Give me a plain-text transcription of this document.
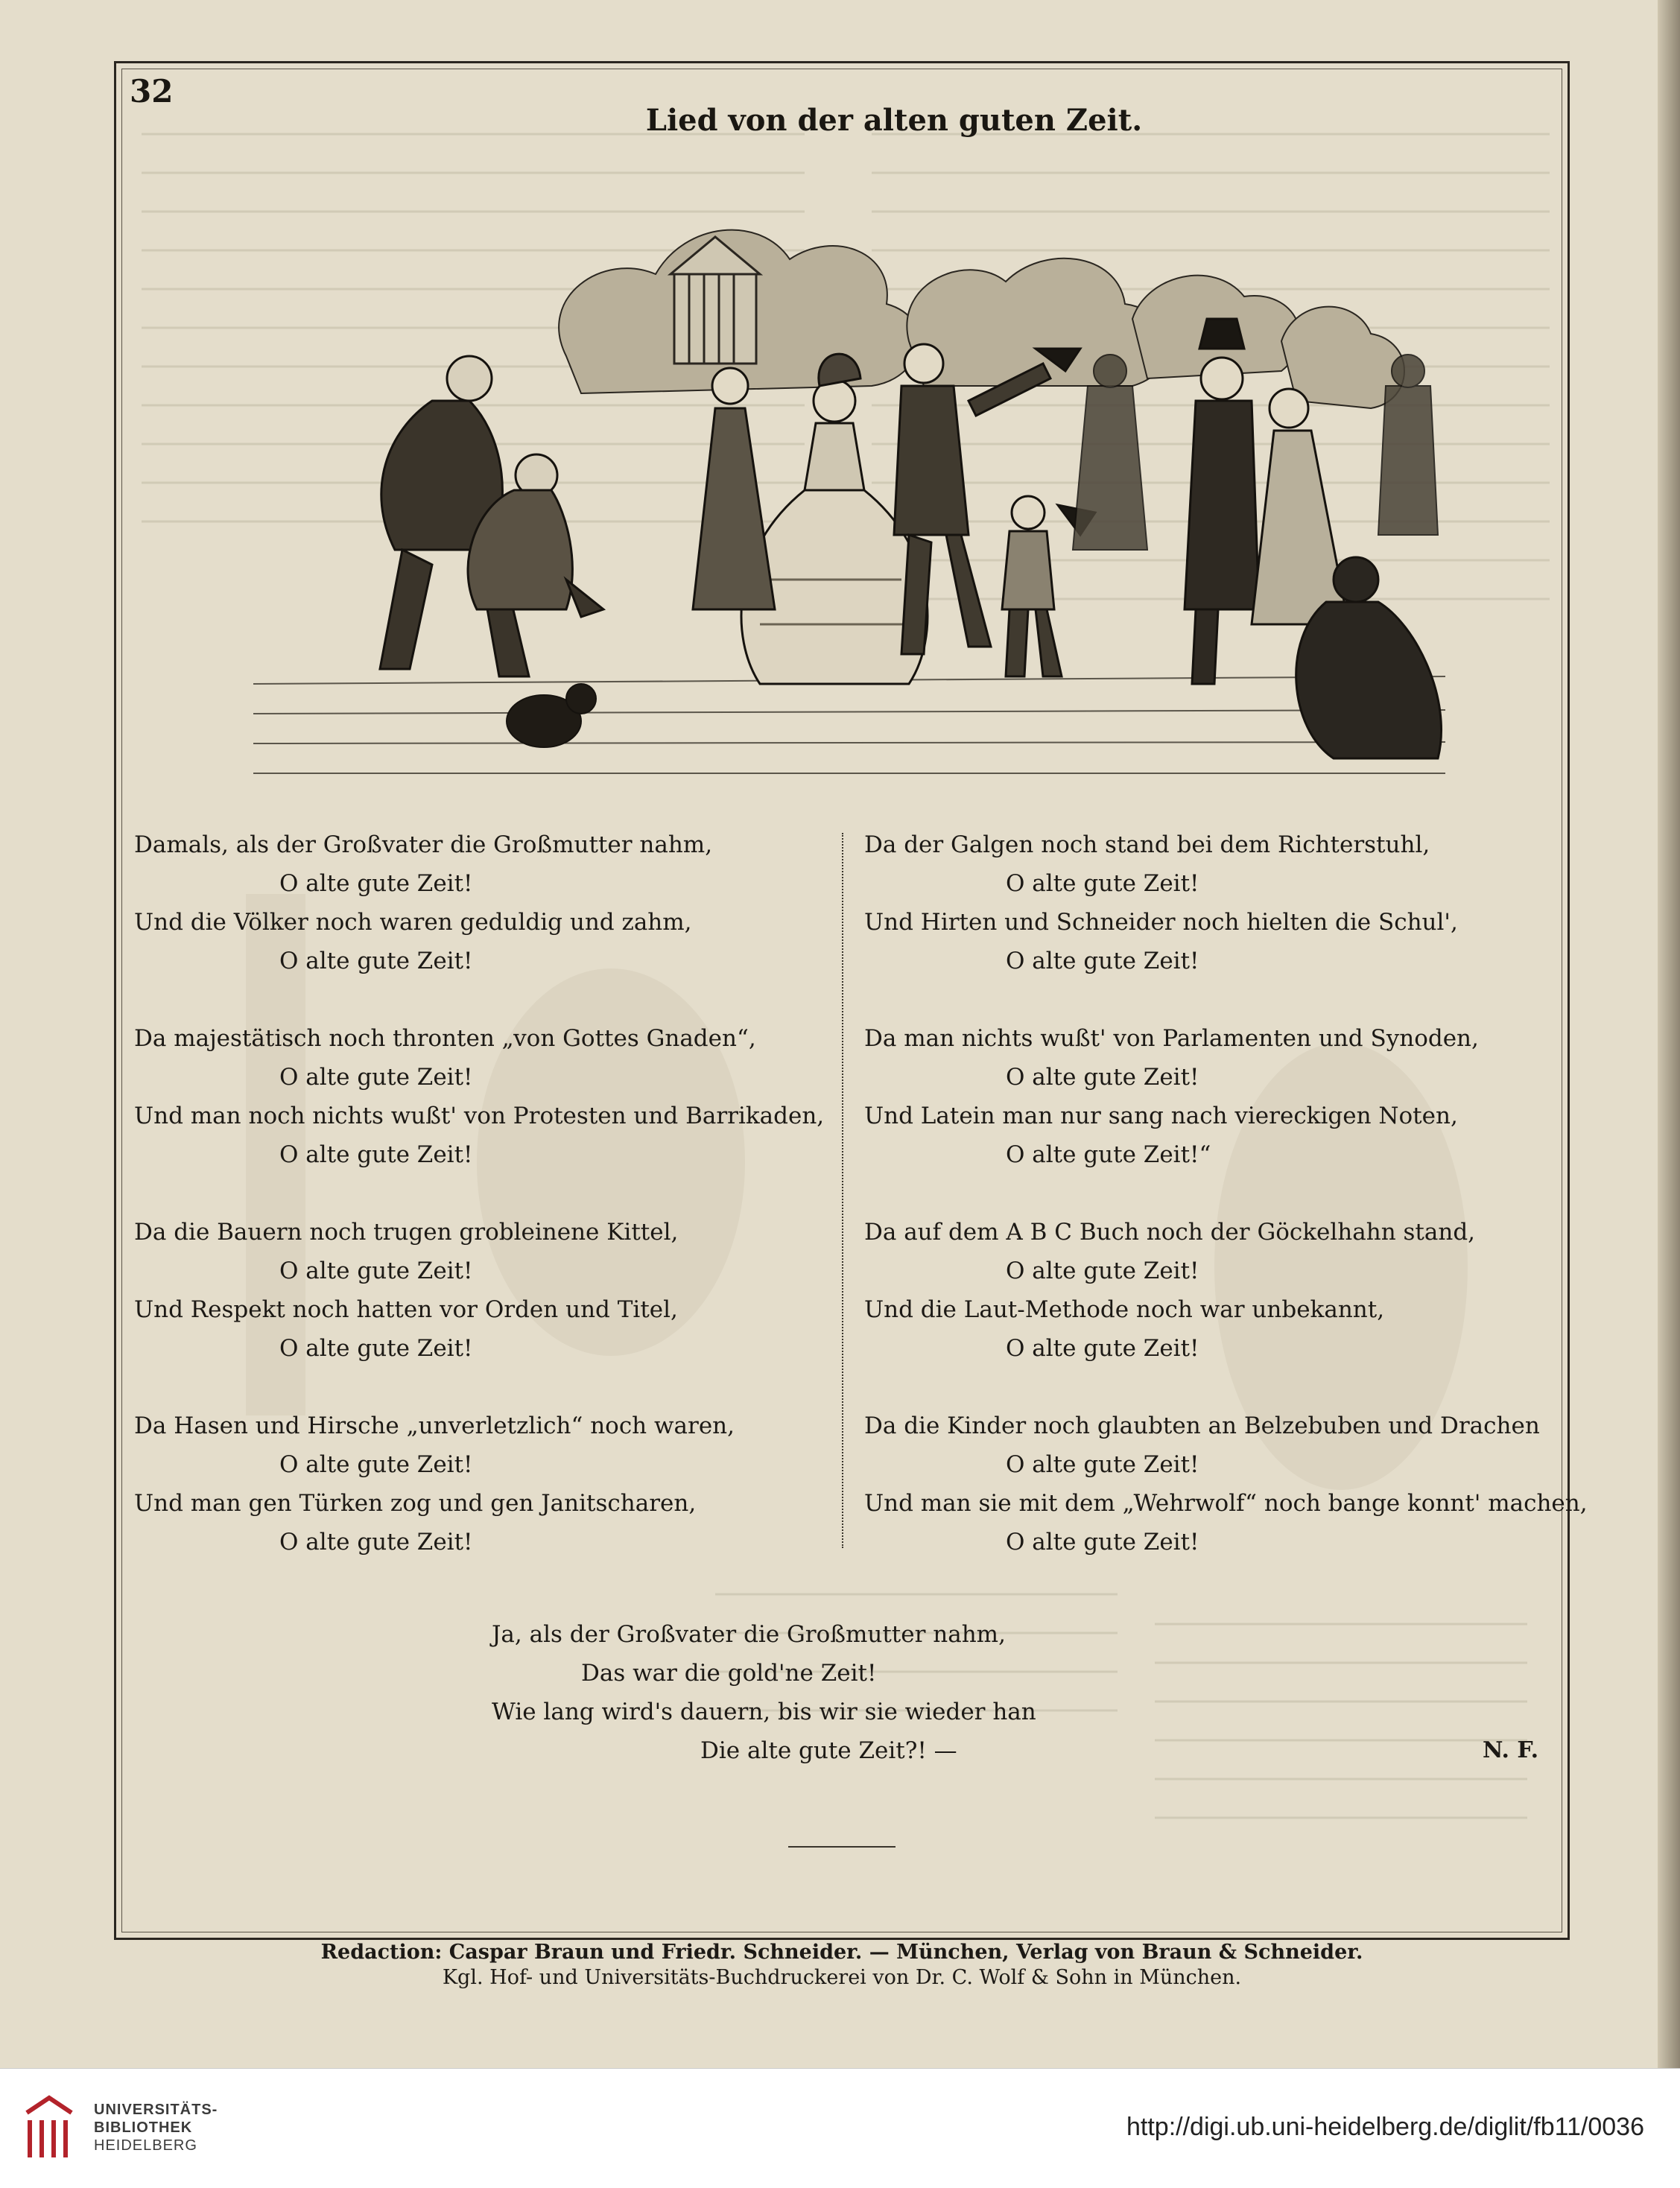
32
Lied von der alten guten Zeit.
Damals, als der Großvater die Großmutter nahm,
O alte gute Zeit!
Und die Völker noch waren geduldig und zahm,
O alte gute Zeit!
Da majestätisch noch thronten „von Gottes Gnaden“,
O alte gute Zeit!
Und man noch nichts wußt' von Protesten und Barrikaden,
O alte gute Zeit!
Da die Bauern noch trugen grobleinene Kittel,
O alte gute Zeit!
Und Respekt noch hatten vor Orden und Titel,
O alte gute Zeit!
Da Hasen und Hirsche „unverletzlich“ noch waren,
O alte gute Zeit!
Und man gen Türken zog und gen Janitscharen,
O alte gute Zeit!
Da der Galgen noch stand bei dem Richterstuhl,
O alte gute Zeit!
Und Hirten und Schneider noch hielten die Schul',
O alte gute Zeit!
Da man nichts wußt' von Parlamenten und Synoden,
O alte gute Zeit!
Und Latein man nur sang nach viereckigen Noten,
O alte gute Zeit!“
Da auf dem A B C Buch noch der Göckelhahn stand,
O alte gute Zeit!
Und die Laut-Methode noch war unbekannt,
O alte gute Zeit!
Da die Kinder noch glaubten an Belzebuben und Drachen
O alte gute Zeit!
Und man sie mit dem „Wehrwolf“ noch bange konnt' machen,
O alte gute Zeit!
Ja, als der Großvater die Großmutter nahm,
Das war die gold'ne Zeit!
Wie lang wird's dauern, bis wir sie wieder han
Die alte gute Zeit?! —	N. F.
Redaction: Caspar Braun und Friedr. Schneider. — München, Verlag von Braun & Schneider.
Kgl. Hof- und Universitäts-Buchdruckerei von Dr. C. Wolf & Sohn in München.
UNIVERSITÄTS-
BIBLIOTHEK
HEIDELBERG
http://digi.ub.uni-heidelberg.de/diglit/fb11/0036
